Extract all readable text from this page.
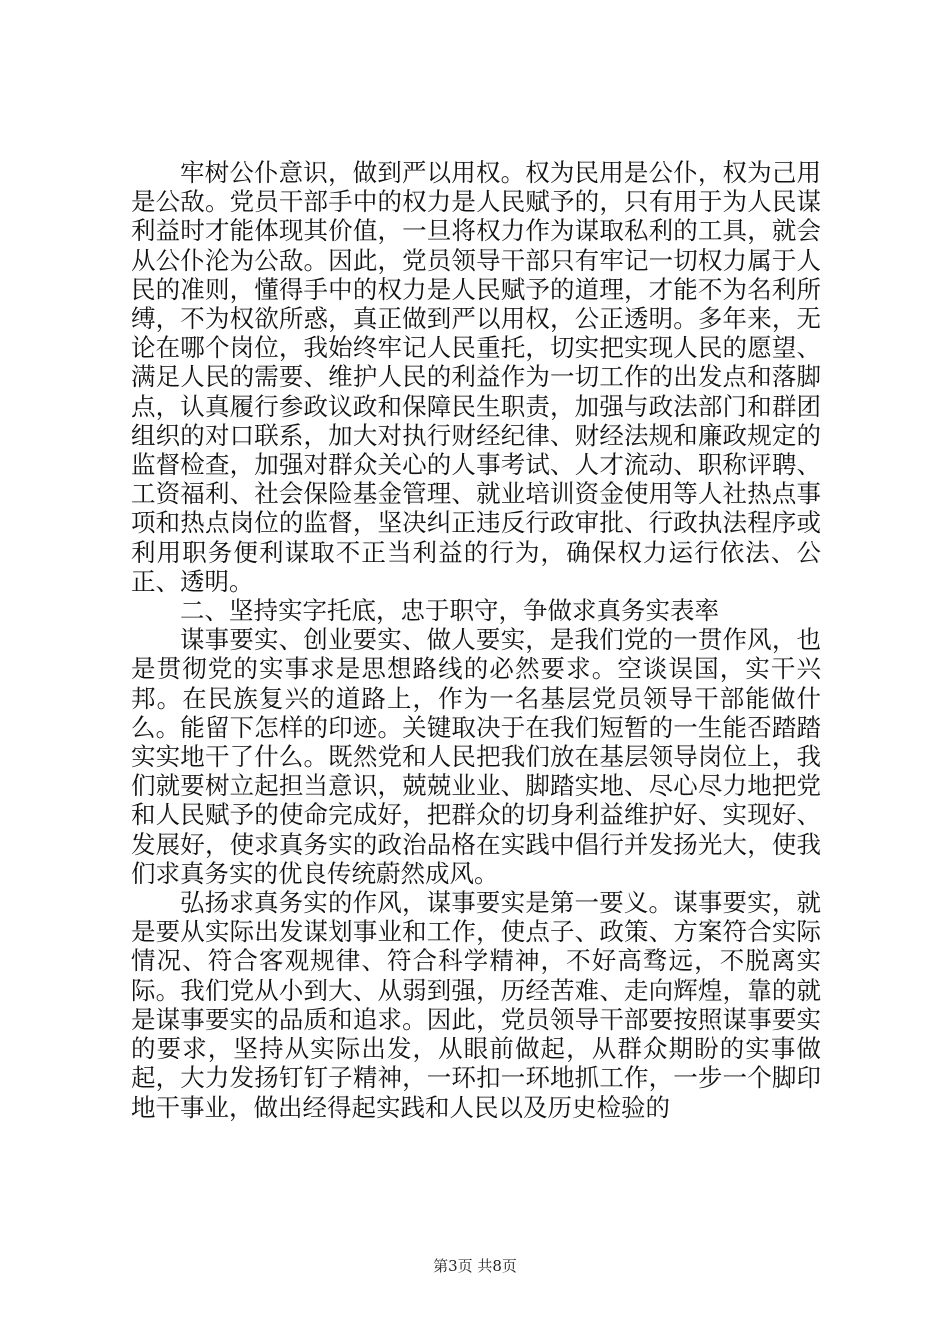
牢树公仆意识，做到严以用权。权为民用是公仆，权为己用是公敌。党员干部手中的权力是人民赋予的，只有用于为人民谋利益时才能体现其价值，一旦将权力作为谋取私利的工具，就会从公仆沦为公敌。因此，党员领导干部只有牢记一切权力属于人民的准则，懂得手中的权力是人民赋予的道理，才能不为名利所缚，不为权欲所惑，真正做到严以用权，公正透明。多年来，无论在哪个岗位，我始终牢记人民重托，切实把实现人民的愿望、满足人民的需要、维护人民的利益作为一切工作的出发点和落脚点，认真履行参政议政和保障民生职责，加强与政法部门和群团组织的对口联系，加大对执行财经纪律、财经法规和廉政规定的监督检查，加强对群众关心的人事考试、人才流动、职称评聘、工资福利、社会保险基金管理、就业培训资金使用等人社热点事项和热点岗位的监督，坚决纠正违反行政审批、行政执法程序或利用职务便利谋取不正当利益的行为，确保权力运行依法、公正、透明。

二、坚持实字托底，忠于职守，争做求真务实表率

谋事要实、创业要实、做人要实，是我们党的一贯作风，也是贯彻党的实事求是思想路线的必然要求。空谈误国，实干兴邦。在民族复兴的道路上，作为一名基层党员领导干部能做什么。能留下怎样的印迹。关键取决于在我们短暂的一生能否踏踏实实地干了什么。既然党和人民把我们放在基层领导岗位上，我们就要树立起担当意识，兢兢业业、脚踏实地、尽心尽力地把党和人民赋予的使命完成好，把群众的切身利益维护好、实现好、发展好，使求真务实的政治品格在实践中倡行并发扬光大，使我们求真务实的优良传统蔚然成风。

弘扬求真务实的作风，谋事要实是第一要义。谋事要实，就是要从实际出发谋划事业和工作，使点子、政策、方案符合实际情况、符合客观规律、符合科学精神，不好高骛远，不脱离实际。我们党从小到大、从弱到强，历经苦难、走向辉煌，靠的就是谋事要实的品质和追求。因此，党员领导干部要按照谋事要实的要求，坚持从实际出发，从眼前做起，从群众期盼的实事做起，大力发扬钉钉子精神，一环扣一环地抓工作，一步一个脚印地干事业，做出经得起实践和人民以及历史检验的

第3页 共8页
